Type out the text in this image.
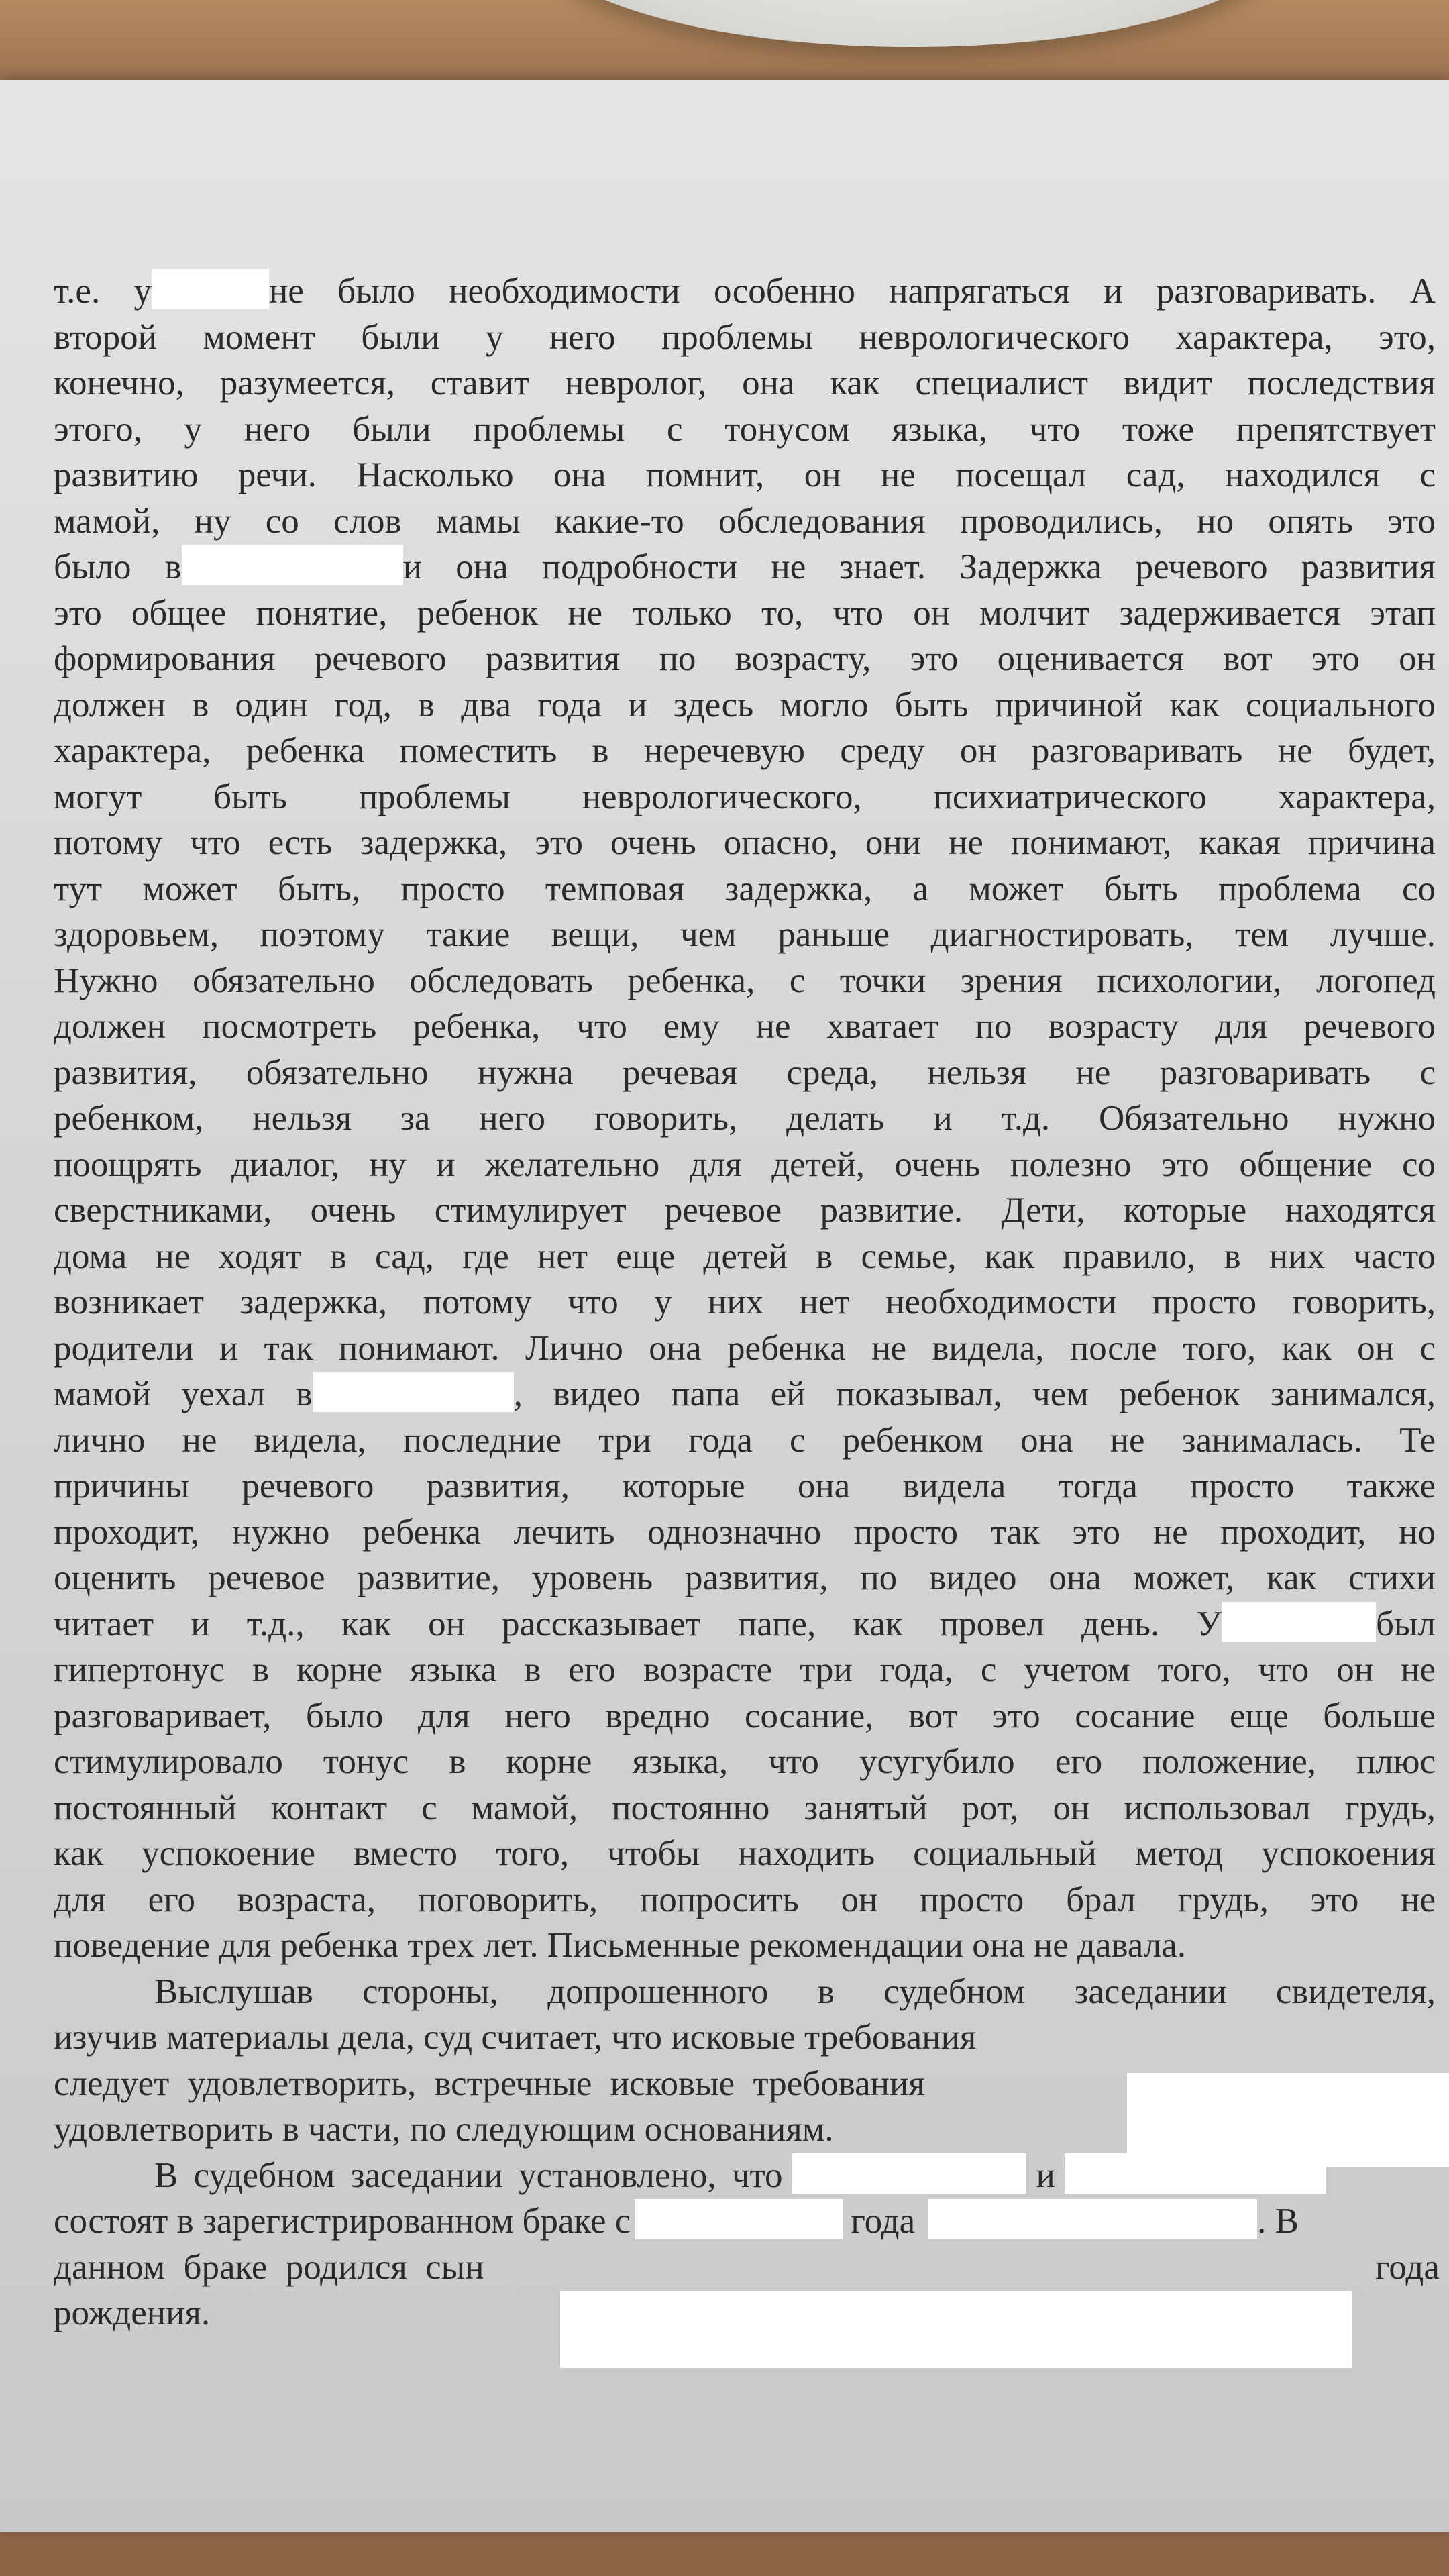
т.е. у	не было необходимости особенно напрягаться и разговаривать. А
второй момент были у него проблемы неврологического характера, это,
конечно, разумеется, ставит невролог, она как специалист видит последствия
этого, у него были проблемы с тонусом языка, что тоже препятствует
развитию речи. Насколько она помнит, он не посещал сад, находился с
мамой, ну со слов мамы какие-то обследования проводились, но опять это
было в	и она подробности не знает. Задержка речевого развития
это общее понятие, ребенок не только то, что он молчит задерживается этап
формирования речевого развития по возрасту, это оценивается вот это он
должен в один год, в два года и здесь могло быть причиной как социального
характера, ребенка поместить в неречевую среду он разговаривать не будет,
могут быть проблемы неврологического, психиатрического характера,
потому что есть задержка, это очень опасно, они не понимают, какая причина
тут может быть, просто темповая задержка, а может быть проблема со
здоровьем, поэтому такие вещи, чем раньше диагностировать, тем лучше.
Нужно обязательно обследовать ребенка, с точки зрения психологии, логопед
должен посмотреть ребенка, что ему не хватает по возрасту для речевого
развития, обязательно нужна речевая среда, нельзя не разговаривать с
ребенком, нельзя за него говорить, делать и т.д. Обязательно нужно
поощрять диалог, ну и желательно для детей, очень полезно это общение со
сверстниками, очень стимулирует речевое развитие. Дети, которые находятся
дома не ходят в сад, где нет еще детей в семье, как правило, в них часто
возникает задержка, потому что у них нет необходимости просто говорить,
родители и так понимают. Лично она ребенка не видела, после того, как он с
мамой уехал в	, видео папа ей показывал, чем ребенок занимался,
лично не видела, последние три года с ребенком она не занималась. Те
причины речевого развития, которые она видела тогда просто также
проходит, нужно ребенка лечить однозначно просто так это не проходит, но
оценить речевое развитие, уровень развития, по видео она может, как стихи
читает и т.д., как он рассказывает папе, как провел день. У	был
гипертонус в корне языка в его возрасте три года, с учетом того, что он не
разговаривает, было для него вредно сосание, вот это сосание еще больше
стимулировало тонус в корне языка, что усугубило его положение, плюс
постоянный контакт с мамой, постоянно занятый рот, он использовал грудь,
как успокоение вместо того, чтобы находить социальный метод успокоения
для его возраста, поговорить, попросить он просто брал грудь, это не
поведение для ребенка трех лет. Письменные рекомендации она не давала.
Выслушав стороны, допрошенного в судебном заседании свидетеля,
изучив материалы дела, суд считает, что исковые требования
следует удовлетворить, встречные исковые требования
удовлетворить в части, по следующим основаниям.
В судебном заседании установлено, что	и
состоят в зарегистрированном браке с	года	. В
данном браке родился сын	года
рождения.
